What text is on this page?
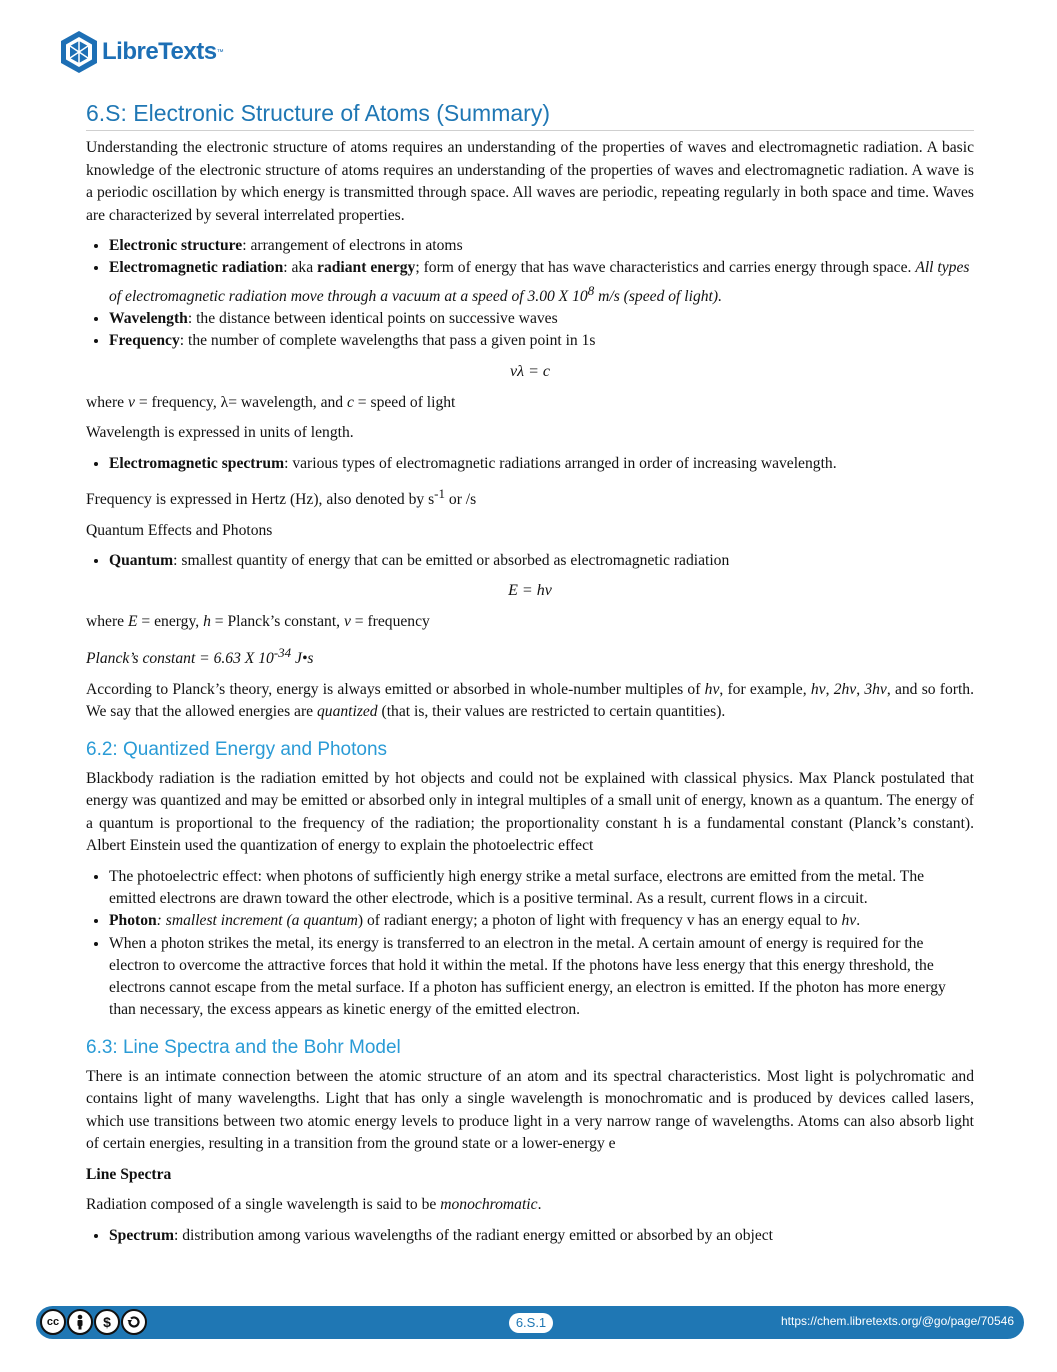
LibreTexts ™
6.S: Electronic Structure of Atoms (Summary)

Understanding the electronic structure of atoms requires an understanding of the properties of waves and electromagnetic radiation. A basic knowledge of the electronic structure of atoms requires an understanding of the properties of waves and electromagnetic radiation. A wave is a periodic oscillation by which energy is transmitted through space. All waves are periodic, repeating regularly in both space and time. Waves are characterized by several interrelated properties.

• Electronic structure: arrangement of electrons in atoms
• Electromagnetic radiation: aka radiant energy; form of energy that has wave characteristics and carries energy through space. All types of electromagnetic radiation move through a vacuum at a speed of 3.00 X $10^8$ m/s (speed of light).
• Wavelength: the distance between identical points on successive waves
• Frequency: the number of complete wavelengths that pass a given point in 1s
νλ = c

where ν = frequency, λ= wavelength, and c = speed of light

Wavelength is expressed in units of length.

• Electromagnetic spectrum: various types of electromagnetic radiations arranged in order of increasing wavelength.

Frequency is expressed in Hertz (Hz), also denoted by $s^{-1}$ or /s

Quantum Effects and Photons

• Quantum: smallest quantity of energy that can be emitted or absorbed as electromagnetic radiation
E = hv

where E = energy, h = Planck’s constant, ν = frequency

Planck’s constant = 6.63 X $10^{-34}$ J•s

According to Planck’s theory, energy is always emitted or absorbed in whole-number multiples of hv, for example, hv, 2hv, 3hv, and so forth. We say that the allowed energies are quantized (that is, their values are restricted to certain quantities).

6.2: Quantized Energy and Photons

Blackbody radiation is the radiation emitted by hot objects and could not be explained with classical physics. Max Planck postulated that energy was quantized and may be emitted or absorbed only in integral multiples of a small unit of energy, known as a quantum. The energy of a quantum is proportional to the frequency of the radiation; the proportionality constant h is a fundamental constant (Planck’s constant). Albert Einstein used the quantization of energy to explain the photoelectric effect

• The photoelectric effect: when photons of sufficiently high energy strike a metal surface, electrons are emitted from the metal. The emitted electrons are drawn toward the other electrode, which is a positive terminal. As a result, current flows in a circuit.
• Photon: smallest increment (a quantum) of radiant energy; a photon of light with frequency v has an energy equal to hv.
• When a photon strikes the metal, its energy is transferred to an electron in the metal. A certain amount of energy is required for the electron to overcome the attractive forces that hold it within the metal. If the photons have less energy that this energy threshold, the electrons cannot escape from the metal surface. If a photon has sufficient energy, an electron is emitted. If the photon has more energy than necessary, the excess appears as kinetic energy of the emitted electron.
6.3: Line Spectra and the Bohr Model

There is an intimate connection between the atomic structure of an atom and its spectral characteristics. Most light is polychromatic and contains light of many wavelengths. Light that has only a single wavelength is monochromatic and is produced by devices called lasers, which use transitions between two atomic energy levels to produce light in a very narrow range of wavelengths. Atoms can also absorb light of certain energies, resulting in a transition from the ground state or a lower-energy e

Line Spectra

Radiation composed of a single wavelength is said to be monochromatic.

• Spectrum: distribution among various wavelengths of the radiant energy emitted or absorbed by an object
cc	$	6.S.1	https://chem.libretexts.org/@go/page/70546
